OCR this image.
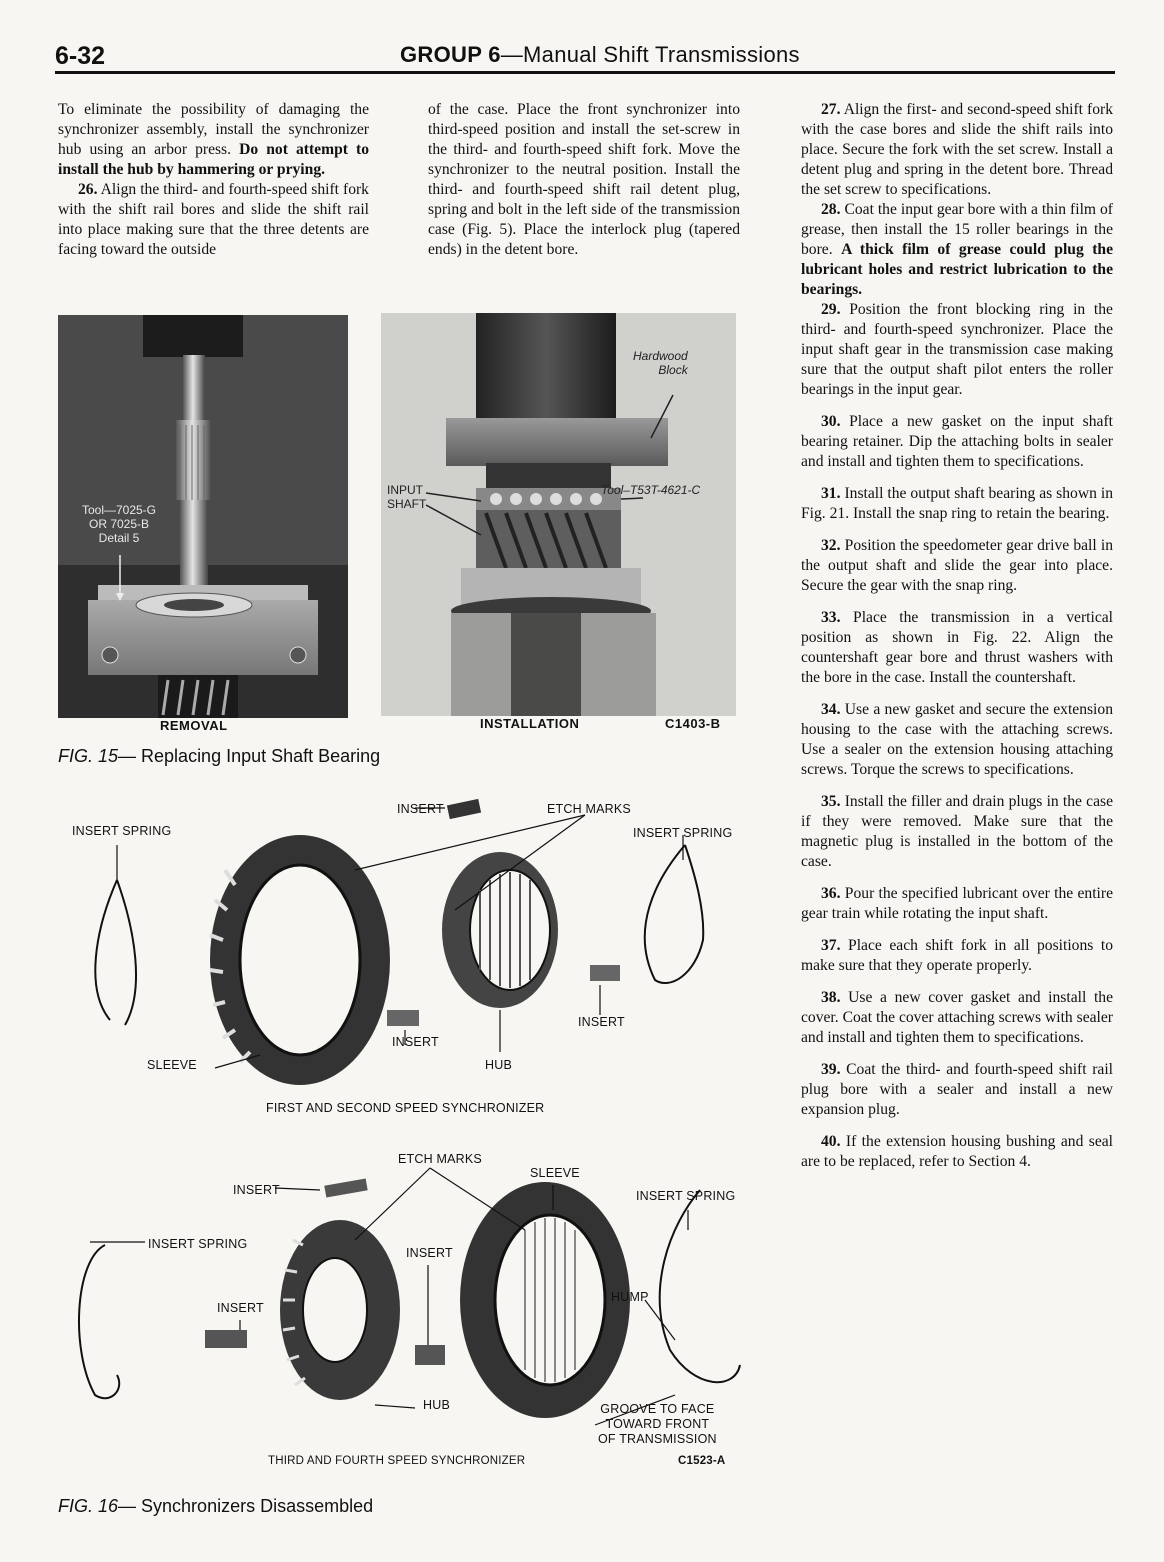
6-32	GROUP 6—Manual Shift Transmissions

To eliminate the possibility of damaging the synchronizer assembly, install the synchronizer hub using an arbor press. Do not attempt to install the hub by hammering or prying.

26. Align the third- and fourth-speed shift fork with the shift rail bores and slide the shift rail into place making sure that the three detents are facing toward the outside

of the case. Place the front synchronizer into third-speed position and install the set-screw in the third- and fourth-speed shift fork. Move the synchronizer to the neutral position. Install the third- and fourth-speed shift rail detent plug, spring and bolt in the left side of the transmission case (Fig. 5). Place the interlock plug (tapered ends) in the detent bore.

27. Align the first- and second-speed shift fork with the case bores and slide the shift rails into place. Secure the fork with the set screw. Install a detent plug and spring in the detent bore. Thread the set screw to specifications.

28. Coat the input gear bore with a thin film of grease, then install the 15 roller bearings in the bore. A thick film of grease could plug the lubricant holes and restrict lubrication to the bearings.

29. Position the front blocking ring in the third- and fourth-speed synchronizer. Place the input shaft gear in the transmission case making sure that the output shaft pilot enters the roller bearings in the input gear.

30. Place a new gasket on the input shaft bearing retainer. Dip the attaching bolts in sealer and install and tighten them to specifications.

31. Install the output shaft bearing as shown in Fig. 21. Install the snap ring to retain the bearing.

32. Position the speedometer gear drive ball in the output shaft and slide the gear into place. Secure the gear with the snap ring.

33. Place the transmission in a vertical position as shown in Fig. 22. Align the countershaft gear bore and thrust washers with the bore in the case. Install the countershaft.

34. Use a new gasket and secure the extension housing to the case with the attaching screws. Use a sealer on the extension housing attaching screws. Torque the screws to specifications.

35. Install the filler and drain plugs in the case if they were removed. Make sure that the magnetic plug is installed in the bottom of the case.

36. Pour the specified lubricant over the entire gear train while rotating the input shaft.

37. Place each shift fork in all positions to make sure that they operate properly.

38. Use a new cover gasket and install the cover. Coat the cover attaching screws with sealer and install and tighten them to specifications.

39. Coat the third- and fourth-speed shift rail plug bore with a sealer and install a new expansion plug.

40. If the extension housing bushing and seal are to be replaced, refer to Section 4.

Tool—7025-G
OR 7025-B
Detail 5
REMOVAL
Hardwood
Block
INPUT
SHAFT
Tool–T53T-4621-C
INSTALLATION	C1403-B
FIG. 15— Replacing Input Shaft Bearing
INSERT SPRING
INSERT	ETCH MARKS
INSERT SPRING
INSERT
INSERT
HUB
SLEEVE
FIRST AND SECOND SPEED SYNCHRONIZER
ETCH MARKS
SLEEVE
INSERT	INSERT SPRING
INSERT SPRING
INSERT
INSERT
HUMP
HUB	GROOVE TO FACE
TOWARD FRONT
OF TRANSMISSION
THIRD AND FOURTH SPEED SYNCHRONIZER	C1523-A
FIG. 16— Synchronizers Disassembled
